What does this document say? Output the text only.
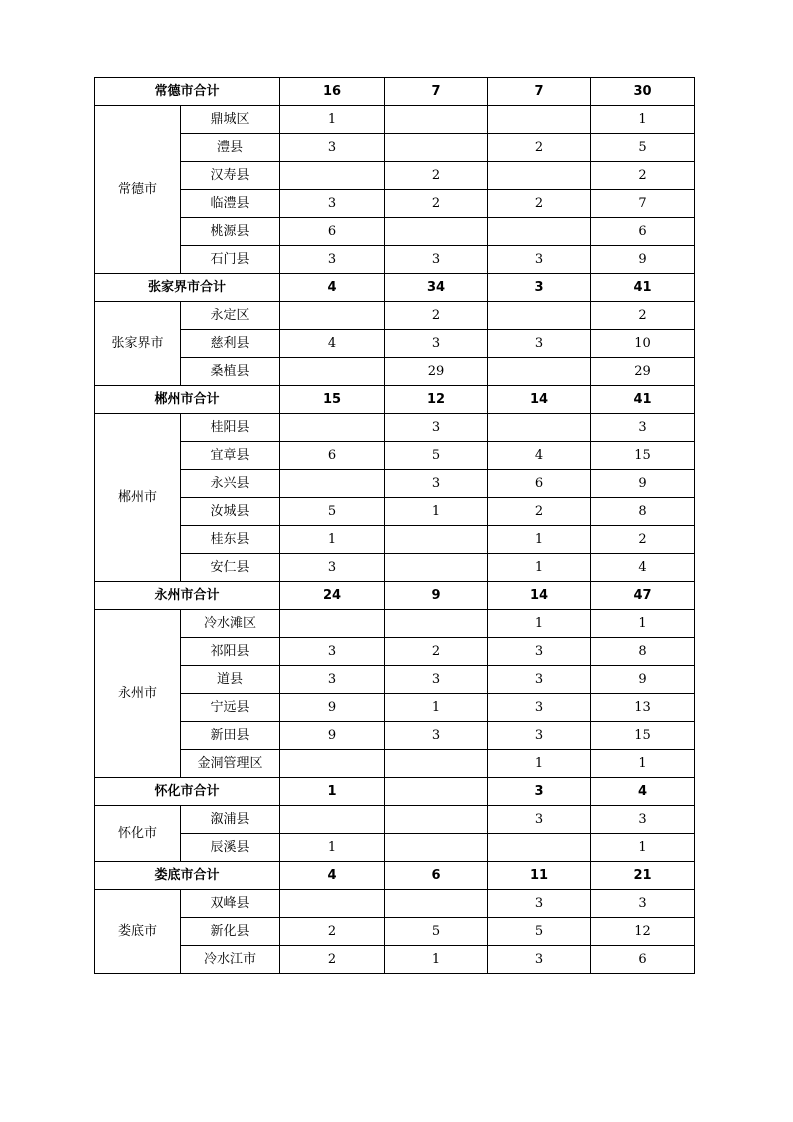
常德市合计		16	7	7	30
常德市	鼎城区	1			1
	澧县	3		2	5
	汉寿县		2		2
	临澧县	3	2	2	7
	桃源县	6			6
	石门县	3	3	3	9
张家界市合计		4	34	3	41
张家界市	永定区		2		2
	慈利县	4	3	3	10
	桑植县		29		29
郴州市合计		15	12	14	41
郴州市	桂阳县		3		3
	宜章县	6	5	4	15
	永兴县		3	6	9
	汝城县	5	1	2	8
	桂东县	1		1	2
	安仁县	3		1	4
永州市合计		24	9	14	47
永州市	冷水滩区			1	1
	祁阳县	3	2	3	8
	道县	3	3	3	9
	宁远县	9	1	3	13
	新田县	9	3	3	15
	金洞管理区			1	1
怀化市合计		1		3	4
怀化市	溆浦县			3	3
	辰溪县	1			1
娄底市合计		4	6	11	21
娄底市	双峰县			3	3
	新化县	2	5	5	12
	冷水江市	2	1	3	6
